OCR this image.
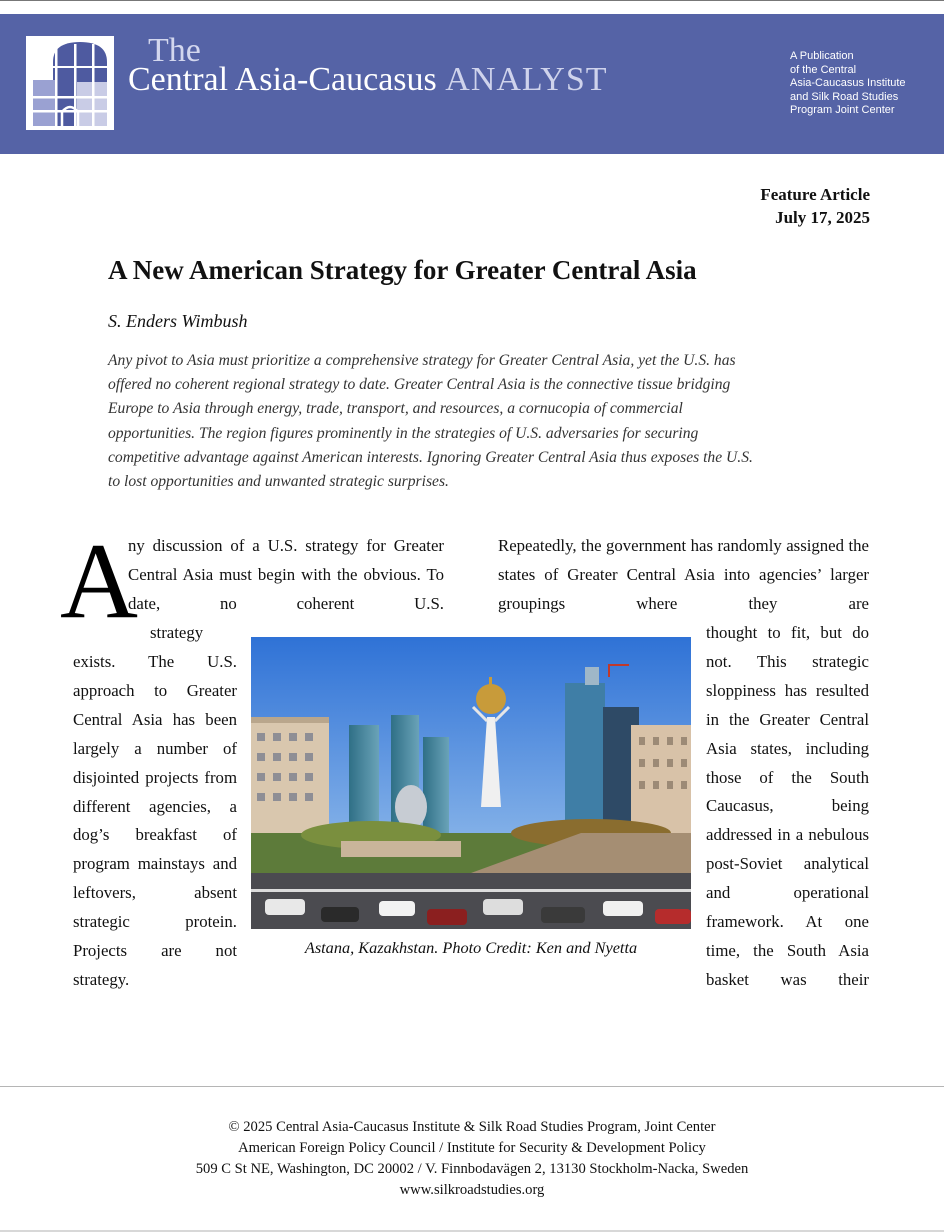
The
Central Asia-Caucasus ANALYST
A Publication
of the Central
Asia-Caucasus Institute
and Silk Road Studies
Program Joint Center
Feature Article
July 17, 2025
A New American Strategy for Greater Central Asia
S. Enders Wimbush

Any pivot to Asia must prioritize a comprehensive strategy for Greater Central Asia, yet the U.S. has offered no coherent regional strategy to date. Greater Central Asia is the connective tissue bridging Europe to Asia through energy, trade, transport, and resources, a cornucopia of commercial opportunities. The region figures prominently in the strategies of U.S. adversaries for securing competitive advantage against American interests. Ignoring Greater Central Asia thus exposes the U.S. to lost opportunities and unwanted strategic surprises.

A
ny discussion of a U.S. strategy for Greater Central Asia must begin with the obvious. To date, no coherent U.S.
strategy
exists. The U.S. approach to Greater Central Asia has been largely a number of disjointed projects from different agencies, a dog’s breakfast of program mainstays and leftovers, absent strategic protein. Projects are not strategy.
Repeatedly, the government has randomly assigned the states of Greater Central Asia into agencies’ larger groupings where they are
thought to fit, but do not. This strategic sloppiness has resulted in the Greater Central Asia states, including those of the South Caucasus, being addressed in a nebulous post-Soviet analytical and operational framework. At one time, the South Asia basket was their
Astana, Kazakhstan. Photo Credit: Ken and Nyetta
© 2025 Central Asia-Caucasus Institute & Silk Road Studies Program, Joint Center
American Foreign Policy Council / Institute for Security & Development Policy
509 C St NE, Washington, DC 20002 / V. Finnbodavägen 2, 13130 Stockholm-Nacka, Sweden
www.silkroadstudies.org
